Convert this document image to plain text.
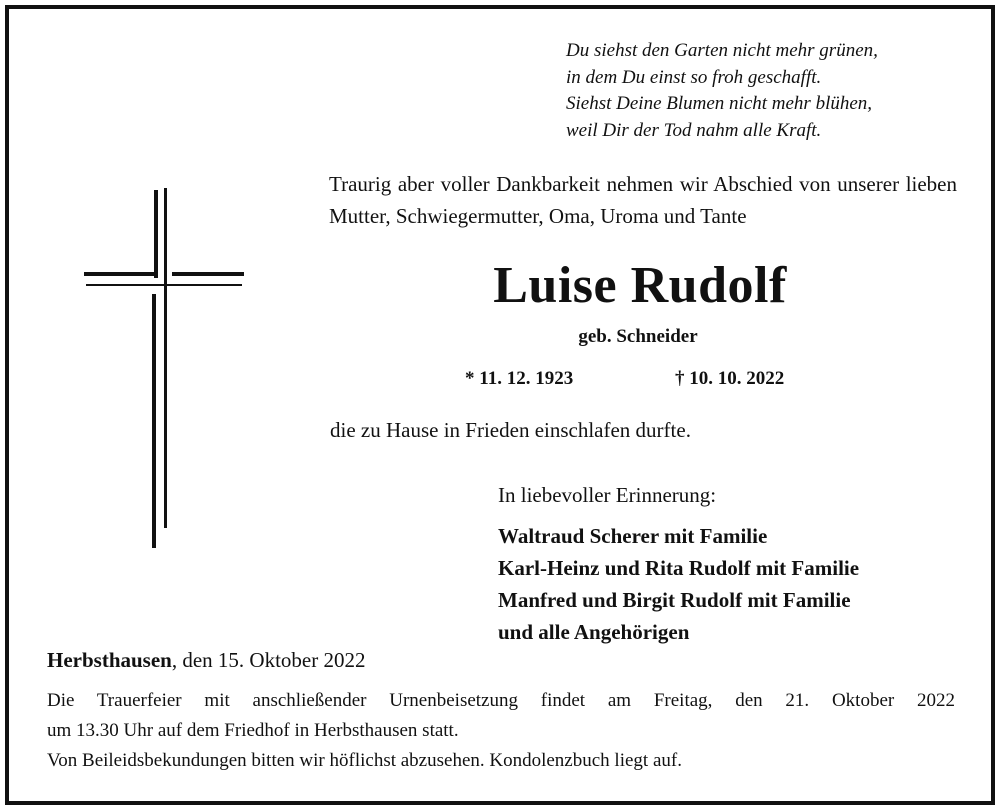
Du siehst den Garten nicht mehr grünen,
in dem Du einst so froh geschafft.
Siehst Deine Blumen nicht mehr blühen,
weil Dir der Tod nahm alle Kraft.
Traurig aber voller Dankbarkeit nehmen wir Abschied von unserer lieben Mutter, Schwiegermutter, Oma, Uroma und Tante
Luise Rudolf
geb. Schneider
* 11. 12. 1923	† 10. 10. 2022
die zu Hause in Frieden einschlafen durfte.
In liebevoller Erinnerung:
Waltraud Scherer mit Familie
Karl-Heinz und Rita Rudolf mit Familie
Manfred und Birgit Rudolf mit Familie
und alle Angehörigen
Herbsthausen, den 15. Oktober 2022
Die Trauerfeier mit anschließender Urnenbeisetzung findet am Freitag, den 21. Oktober 2022
um 13.30 Uhr auf dem Friedhof in Herbsthausen statt.
Von Beileidsbekundungen bitten wir höflichst abzusehen. Kondolenzbuch liegt auf.
